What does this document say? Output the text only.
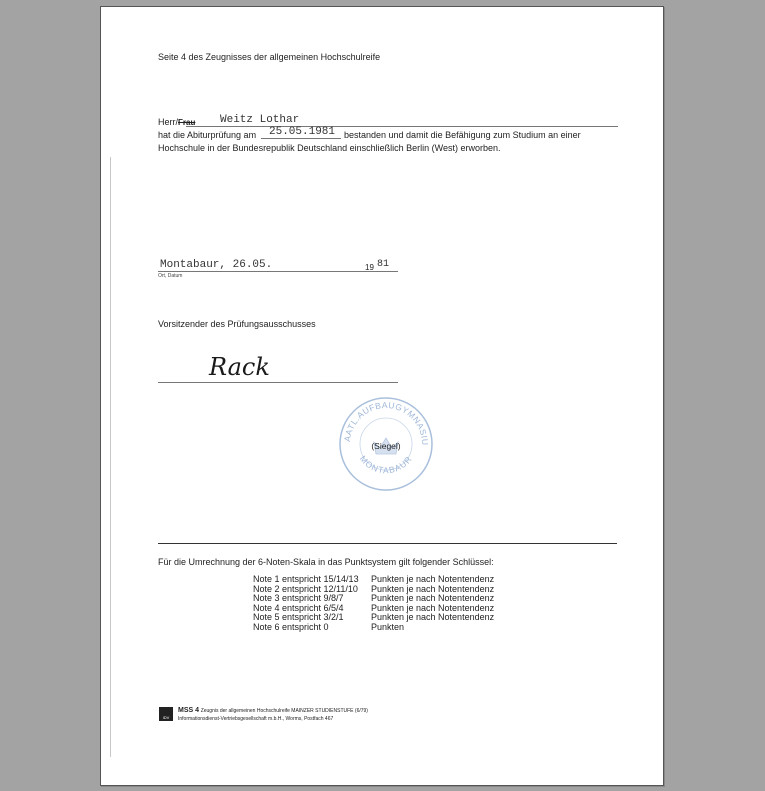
Seite 4 des Zeugnisses der allgemeinen Hochschulreife
Herr/Frau Weitz Lothar
hat die Abiturprüfung am 25.05.1981 bestanden und damit die Befähigung zum Studium an einer
Hochschule in der Bundesrepublik Deutschland einschließlich Berlin (West) erworben.
Montabaur, 26.05.	19 81
Ort, Datum
Vorsitzender des Prüfungsausschusses
Rack
STAATL.AUFBAUGYMNASIUM
MONTABAUR
(Siegel)
Für die Umrechnung der 6-Noten-Skala in das Punktsystem gilt folgender Schlüssel:
Note 1 entspricht 15/14/13	Punkten je nach Notentendenz
Note 2 entspricht 12/11/10	Punkten je nach Notentendenz
Note 3 entspricht 9/8/7	Punkten je nach Notentendenz
Note 4 entspricht 6/5/4	Punkten je nach Notentendenz
Note 5 entspricht 3/2/1	Punkten je nach Notentendenz
Note 6 entspricht 0	Punkten
IDV
MSS 4 Zeugnis der allgemeinen Hochschulreife MAINZER STUDIENSTUFE (6/79)
Informationsdienst-Vertriebsgesellschaft m.b.H., Worms, Postfach 467
